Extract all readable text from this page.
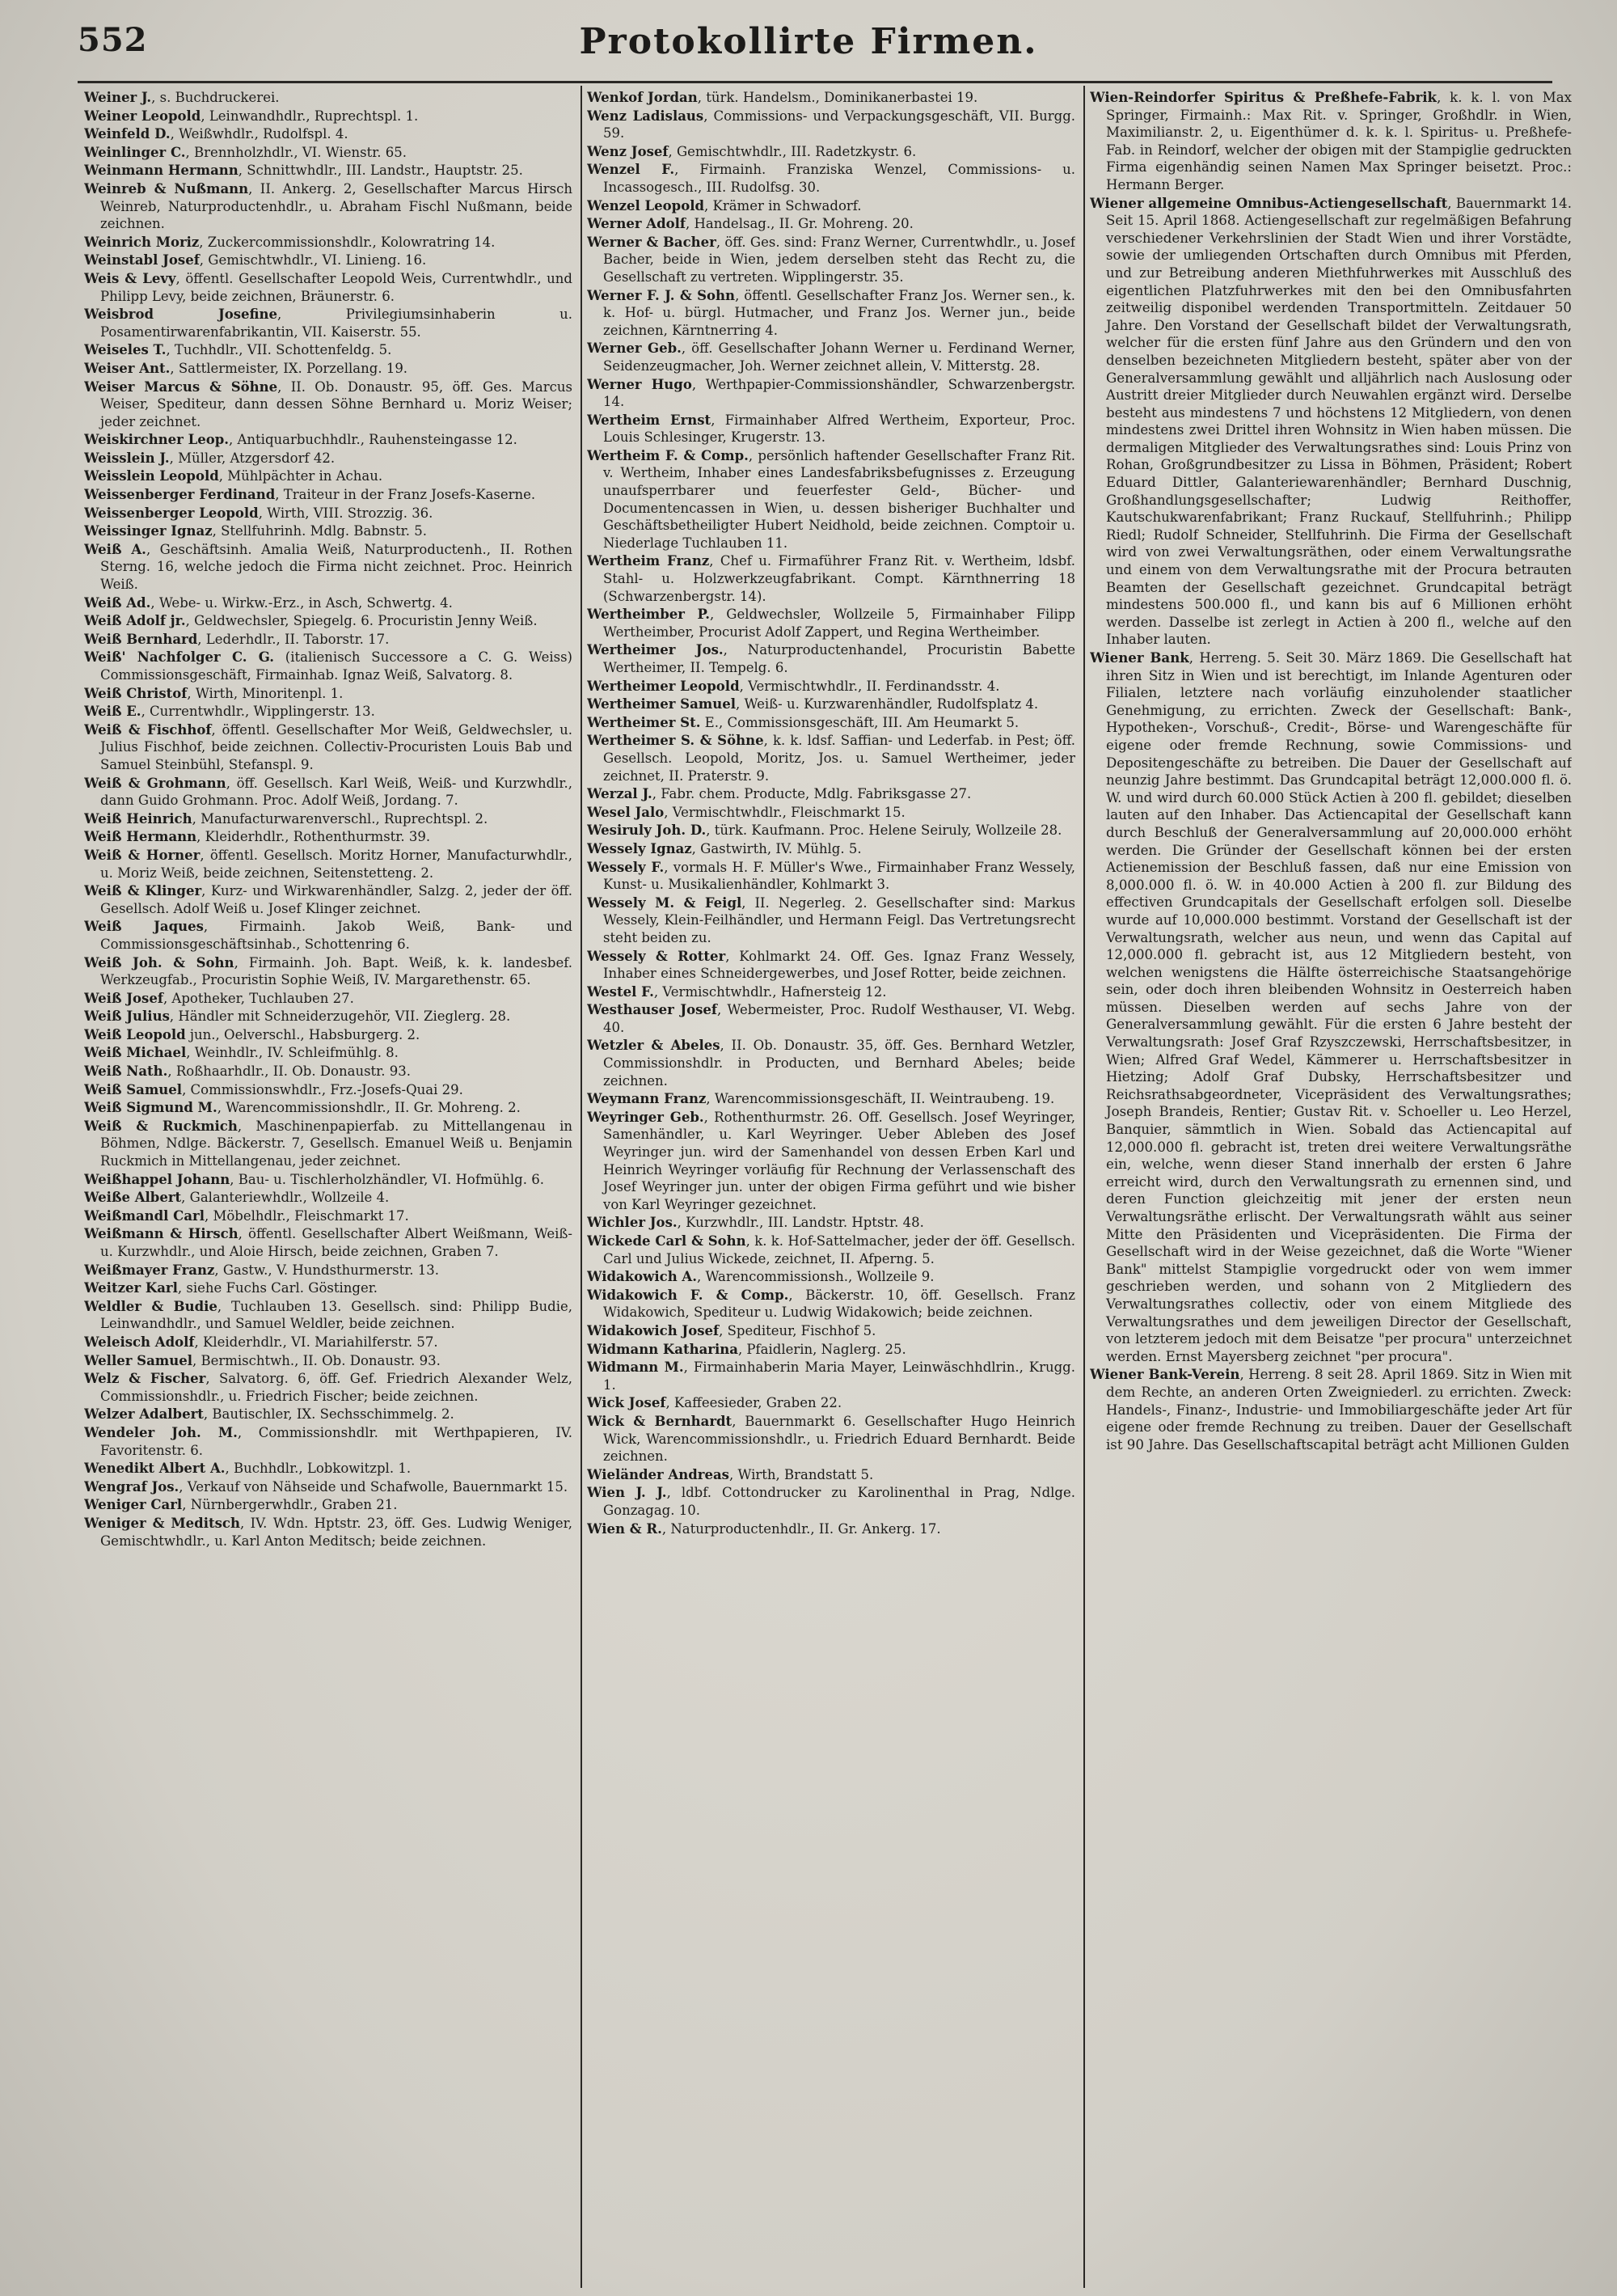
552	Protokollirte Firmen.

Weiner J., s. Buchdruckerei.

Weiner Leopold, Leinwandhdlr., Ruprechtspl. 1.

Weinfeld D., Weißwhdlr., Rudolfspl. 4.

Weinlinger C., Brennholzhdlr., VI. Wienstr. 65.

Weinmann Hermann, Schnittwhdlr., III. Landstr., Hauptstr. 25.

Weinreb & Nußmann, II. Ankerg. 2, Gesellschafter Marcus Hirsch Weinreb, Naturproductenhdlr., u. Abraham Fischl Nußmann, beide zeichnen.

Weinrich Moriz, Zuckercommissionshdlr., Kolowratring 14.

Weinstabl Josef, Gemischtwhdlr., VI. Linieng. 16.

Weis & Levy, öffentl. Gesellschafter Leopold Weis, Currentwhdlr., und Philipp Levy, beide zeichnen, Bräunerstr. 6.

Weisbrod Josefine, Privilegiumsinhaberin u. Posamentirwarenfabrikantin, VII. Kaiserstr. 55.

Weiseles T., Tuchhdlr., VII. Schottenfeldg. 5.

Weiser Ant., Sattlermeister, IX. Porzellang. 19.

Weiser Marcus & Söhne, II. Ob. Donaustr. 95, öff. Ges. Marcus Weiser, Spediteur, dann dessen Söhne Bernhard u. Moriz Weiser; jeder zeichnet.

Weiskirchner Leop., Antiquarbuchhdlr., Rauhensteingasse 12.

Weisslein J., Müller, Atzgersdorf 42.

Weisslein Leopold, Mühlpächter in Achau.

Weissenberger Ferdinand, Traiteur in der Franz Josefs-Kaserne.

Weissenberger Leopold, Wirth, VIII. Strozzig. 36.

Weissinger Ignaz, Stellfuhrinh. Mdlg. Babnstr. 5.

Weiß A., Geschäftsinh. Amalia Weiß, Naturproductenh., II. Rothen Sterng. 16, welche jedoch die Firma nicht zeichnet. Proc. Heinrich Weiß.

Weiß Ad., Webe- u. Wirkw.-Erz., in Asch, Schwertg. 4.

Weiß Adolf jr., Geldwechsler, Spiegelg. 6. Procuristin Jenny Weiß.

Weiß Bernhard, Lederhdlr., II. Taborstr. 17.

Weiß' Nachfolger C. G. (italienisch Successore a C. G. Weiss) Commissionsgeschäft, Firmainhab. Ignaz Weiß, Salvatorg. 8.

Weiß Christof, Wirth, Minoritenpl. 1.

Weiß E., Currentwhdlr., Wipplingerstr. 13.

Weiß & Fischhof, öffentl. Gesellschafter Mor Weiß, Geldwechsler, u. Julius Fischhof, beide zeichnen. Collectiv-Procuristen Louis Bab und Samuel Steinbühl, Stefanspl. 9.

Weiß & Grohmann, öff. Gesellsch. Karl Weiß, Weiß- und Kurzwhdlr., dann Guido Grohmann. Proc. Adolf Weiß, Jordang. 7.

Weiß Heinrich, Manufacturwarenverschl., Ruprechtspl. 2.

Weiß Hermann, Kleiderhdlr., Rothenthurmstr. 39.

Weiß & Horner, öffentl. Gesellsch. Moritz Horner, Manufacturwhdlr., u. Moriz Weiß, beide zeichnen, Seitenstetteng. 2.

Weiß & Klinger, Kurz- und Wirkwarenhändler, Salzg. 2, jeder der öff. Gesellsch. Adolf Weiß u. Josef Klinger zeichnet.

Weiß Jaques, Firmainh. Jakob Weiß, Bank- und Commissionsgeschäftsinhab., Schottenring 6.

Weiß Joh. & Sohn, Firmainh. Joh. Bapt. Weiß, k. k. landesbef. Werkzeugfab., Procuristin Sophie Weiß, IV. Margarethenstr. 65.

Weiß Josef, Apotheker, Tuchlauben 27.

Weiß Julius, Händler mit Schneiderzugehör, VII. Zieglerg. 28.

Weiß Leopold jun., Oelverschl., Habsburgerg. 2.

Weiß Michael, Weinhdlr., IV. Schleifmühlg. 8.

Weiß Nath., Roßhaarhdlr., II. Ob. Donaustr. 93.

Weiß Samuel, Commissionswhdlr., Frz.-Josefs-Quai 29.

Weiß Sigmund M., Warencommissionshdlr., II. Gr. Mohreng. 2.

Weiß & Ruckmich, Maschinenpapierfab. zu Mittellangenau in Böhmen, Ndlge. Bäckerstr. 7, Gesellsch. Emanuel Weiß u. Benjamin Ruckmich in Mittellangenau, jeder zeichnet.

Weißhappel Johann, Bau- u. Tischlerholzhändler, VI. Hofmühlg. 6.

Weiße Albert, Galanteriewhdlr., Wollzeile 4.

Weißmandl Carl, Möbelhdlr., Fleischmarkt 17.

Weißmann & Hirsch, öffentl. Gesellschafter Albert Weißmann, Weiß- u. Kurzwhdlr., und Aloie Hirsch, beide zeichnen, Graben 7.

Weißmayer Franz, Gastw., V. Hundsthurmerstr. 13.

Weitzer Karl, siehe Fuchs Carl. Göstinger.

Weldler & Budie, Tuchlauben 13. Gesellsch. sind: Philipp Budie, Leinwandhdlr., und Samuel Weldler, beide zeichnen.

Weleisch Adolf, Kleiderhdlr., VI. Mariahilferstr. 57.

Weller Samuel, Bermischtwh., II. Ob. Donaustr. 93.

Welz & Fischer, Salvatorg. 6, öff. Gef. Friedrich Alexander Welz, Commissionshdlr., u. Friedrich Fischer; beide zeichnen.

Welzer Adalbert, Bautischler, IX. Sechsschimmelg. 2.

Wendeler Joh. M., Commissionshdlr. mit Werthpapieren, IV. Favoritenstr. 6.

Wenedikt Albert A., Buchhdlr., Lobkowitzpl. 1.

Wengraf Jos., Verkauf von Nähseide und Schafwolle, Bauernmarkt 15.

Weniger Carl, Nürnbergerwhdlr., Graben 21.

Weniger & Meditsch, IV. Wdn. Hptstr. 23, öff. Ges. Ludwig Weniger, Gemischtwhdlr., u. Karl Anton Meditsch; beide zeichnen.

Wenkof Jordan, türk. Handelsm., Dominikanerbastei 19.

Wenz Ladislaus, Commissions- und Verpackungsgeschäft, VII. Burgg. 59.

Wenz Josef, Gemischtwhdlr., III. Radetzkystr. 6.

Wenzel F., Firmainh. Franziska Wenzel, Commissions- u. Incassogesch., III. Rudolfsg. 30.

Wenzel Leopold, Krämer in Schwadorf.

Werner Adolf, Handelsag., II. Gr. Mohreng. 20.

Werner & Bacher, öff. Ges. sind: Franz Werner, Currentwhdlr., u. Josef Bacher, beide in Wien, jedem derselben steht das Recht zu, die Gesellschaft zu vertreten. Wipplingerstr. 35.

Werner F. J. & Sohn, öffentl. Gesellschafter Franz Jos. Werner sen., k. k. Hof- u. bürgl. Hutmacher, und Franz Jos. Werner jun., beide zeichnen, Kärntnerring 4.

Werner Geb., öff. Gesellschafter Johann Werner u. Ferdinand Werner, Seidenzeugmacher, Joh. Werner zeichnet allein, V. Mitterstg. 28.

Werner Hugo, Werthpapier-Commissionshändler, Schwarzenbergstr. 14.

Wertheim Ernst, Firmainhaber Alfred Wertheim, Exporteur, Proc. Louis Schlesinger, Krugerstr. 13.

Wertheim F. & Comp., persönlich haftender Gesellschafter Franz Rit. v. Wertheim, Inhaber eines Landesfabriksbefugnisses z. Erzeugung unaufsperrbarer und feuerfester Geld-, Bücher- und Documentencassen in Wien, u. dessen bisheriger Buchhalter und Geschäftsbetheiligter Hubert Neidhold, beide zeichnen. Comptoir u. Niederlage Tuchlauben 11.

Wertheim Franz, Chef u. Firmaführer Franz Rit. v. Wertheim, ldsbf. Stahl- u. Holzwerkzeugfabrikant. Compt. Kärnthnerring 18 (Schwarzenbergstr. 14).

Wertheimber P., Geldwechsler, Wollzeile 5, Firmainhaber Filipp Wertheimber, Procurist Adolf Zappert, und Regina Wertheimber.

Wertheimer Jos., Naturproductenhandel, Procuristin Babette Wertheimer, II. Tempelg. 6.

Wertheimer Leopold, Vermischtwhdlr., II. Ferdinandsstr. 4.

Wertheimer Samuel, Weiß- u. Kurzwarenhändler, Rudolfsplatz 4.

Wertheimer St. E., Commissionsgeschäft, III. Am Heumarkt 5.

Wertheimer S. & Söhne, k. k. ldsf. Saffian- und Lederfab. in Pest; öff. Gesellsch. Leopold, Moritz, Jos. u. Samuel Wertheimer, jeder zeichnet, II. Praterstr. 9.

Werzal J., Fabr. chem. Producte, Mdlg. Fabriksgasse 27.

Wesel Jalo, Vermischtwhdlr., Fleischmarkt 15.

Wesiruly Joh. D., türk. Kaufmann. Proc. Helene Seiruly, Wollzeile 28.

Wessely Ignaz, Gastwirth, IV. Mühlg. 5.

Wessely F., vormals H. F. Müller's Wwe., Firmainhaber Franz Wessely, Kunst- u. Musikalienhändler, Kohlmarkt 3.

Wessely M. & Feigl, II. Negerleg. 2. Gesellschafter sind: Markus Wessely, Klein-Feilhändler, und Hermann Feigl. Das Vertretungsrecht steht beiden zu.

Wessely & Rotter, Kohlmarkt 24. Off. Ges. Ignaz Franz Wessely, Inhaber eines Schneidergewerbes, und Josef Rotter, beide zeichnen.

Westel F., Vermischtwhdlr., Hafnersteig 12.

Westhauser Josef, Webermeister, Proc. Rudolf Westhauser, VI. Webg. 40.

Wetzler & Abeles, II. Ob. Donaustr. 35, öff. Ges. Bernhard Wetzler, Commissionshdlr. in Producten, und Bernhard Abeles; beide zeichnen.

Weymann Franz, Warencommissionsgeschäft, II. Weintraubeng. 19.

Weyringer Geb., Rothenthurmstr. 26. Off. Gesellsch. Josef Weyringer, Samenhändler, u. Karl Weyringer. Ueber Ableben des Josef Weyringer jun. wird der Samenhandel von dessen Erben Karl und Heinrich Weyringer vorläufig für Rechnung der Verlassenschaft des Josef Weyringer jun. unter der obigen Firma geführt und wie bisher von Karl Weyringer gezeichnet.

Wichler Jos., Kurzwhdlr., III. Landstr. Hptstr. 48.

Wickede Carl & Sohn, k. k. Hof-Sattelmacher, jeder der öff. Gesellsch. Carl und Julius Wickede, zeichnet, II. Afperng. 5.

Widakowich A., Warencommissionsh., Wollzeile 9.

Widakowich F. & Comp., Bäckerstr. 10, öff. Gesellsch. Franz Widakowich, Spediteur u. Ludwig Widakowich; beide zeichnen.

Widakowich Josef, Spediteur, Fischhof 5.

Widmann Katharina, Pfaidlerin, Naglerg. 25.

Widmann M., Firmainhaberin Maria Mayer, Leinwäschhdlrin., Krugg. 1.

Wick Josef, Kaffeesieder, Graben 22.

Wick & Bernhardt, Bauernmarkt 6. Gesellschafter Hugo Heinrich Wick, Warencommissionshdlr., u. Friedrich Eduard Bernhardt. Beide zeichnen.

Wieländer Andreas, Wirth, Brandstatt 5.

Wien J. J., ldbf. Cottondrucker zu Karolinenthal in Prag, Ndlge. Gonzagag. 10.

Wien & R., Naturproductenhdlr., II. Gr. Ankerg. 17.

Wien-Reindorfer Spiritus & Preßhefe-Fabrik, k. k. l. von Max Springer, Firmainh.: Max Rit. v. Springer, Großhdlr. in Wien, Maximilianstr. 2, u. Eigenthümer d. k. k. l. Spiritus- u. Preßhefe-Fab. in Reindorf, welcher der obigen mit der Stampiglie gedruckten Firma eigenhändig seinen Namen Max Springer beisetzt. Proc.: Hermann Berger.

Wiener allgemeine Omnibus-Actiengesellschaft, Bauernmarkt 14. Seit 15. April 1868. Actiengesellschaft zur regelmäßigen Befahrung verschiedener Verkehrslinien der Stadt Wien und ihrer Vorstädte, sowie der umliegenden Ortschaften durch Omnibus mit Pferden, und zur Betreibung anderen Miethfuhrwerkes mit Ausschluß des eigentlichen Platzfuhrwerkes mit den bei den Omnibusfahrten zeitweilig disponibel werdenden Transportmitteln. Zeitdauer 50 Jahre. Den Vorstand der Gesellschaft bildet der Verwaltungsrath, welcher für die ersten fünf Jahre aus den Gründern und den von denselben bezeichneten Mitgliedern besteht, später aber von der Generalversammlung gewählt und alljährlich nach Auslosung oder Austritt dreier Mitglieder durch Neuwahlen ergänzt wird. Derselbe besteht aus mindestens 7 und höchstens 12 Mitgliedern, von denen mindestens zwei Drittel ihren Wohnsitz in Wien haben müssen. Die dermaligen Mitglieder des Verwaltungsrathes sind: Louis Prinz von Rohan, Großgrundbesitzer zu Lissa in Böhmen, Präsident; Robert Eduard Dittler, Galanteriewarenhändler; Bernhard Duschnig, Großhandlungsgesellschafter; Ludwig Reithoffer, Kautschukwarenfabrikant; Franz Ruckauf, Stellfuhrinh.; Philipp Riedl; Rudolf Schneider, Stellfuhrinh. Die Firma der Gesellschaft wird von zwei Verwaltungsräthen, oder einem Verwaltungsrathe und einem von dem Verwaltungsrathe mit der Procura betrauten Beamten der Gesellschaft gezeichnet. Grundcapital beträgt mindestens 500.000 fl., und kann bis auf 6 Millionen erhöht werden. Dasselbe ist zerlegt in Actien à 200 fl., welche auf den Inhaber lauten.

Wiener Bank, Herreng. 5. Seit 30. März 1869. Die Gesellschaft hat ihren Sitz in Wien und ist berechtigt, im Inlande Agenturen oder Filialen, letztere nach vorläufig einzuholender staatlicher Genehmigung, zu errichten. Zweck der Gesellschaft: Bank-, Hypotheken-, Vorschuß-, Credit-, Börse- und Warengeschäfte für eigene oder fremde Rechnung, sowie Commissions- und Depositengeschäfte zu betreiben. Die Dauer der Gesellschaft auf neunzig Jahre bestimmt. Das Grundcapital beträgt 12,000.000 fl. ö. W. und wird durch 60.000 Stück Actien à 200 fl. gebildet; dieselben lauten auf den Inhaber. Das Actiencapital der Gesellschaft kann durch Beschluß der Generalversammlung auf 20,000.000 erhöht werden. Die Gründer der Gesellschaft können bei der ersten Actienemission der Beschluß fassen, daß nur eine Emission von 8,000.000 fl. ö. W. in 40.000 Actien à 200 fl. zur Bildung des effectiven Grundcapitals der Gesellschaft erfolgen soll. Dieselbe wurde auf 10,000.000 bestimmt. Vorstand der Gesellschaft ist der Verwaltungsrath, welcher aus neun, und wenn das Capital auf 12,000.000 fl. gebracht ist, aus 12 Mitgliedern besteht, von welchen wenigstens die Hälfte österreichische Staatsangehörige sein, oder doch ihren bleibenden Wohnsitz in Oesterreich haben müssen. Dieselben werden auf sechs Jahre von der Generalversammlung gewählt. Für die ersten 6 Jahre besteht der Verwaltungsrath: Josef Graf Rzyszczewski, Herrschaftsbesitzer, in Wien; Alfred Graf Wedel, Kämmerer u. Herrschaftsbesitzer in Hietzing; Adolf Graf Dubsky, Herrschaftsbesitzer und Reichsrathsabgeordneter, Vicepräsident des Verwaltungsrathes; Joseph Brandeis, Rentier; Gustav Rit. v. Schoeller u. Leo Herzel, Banquier, sämmtlich in Wien. Sobald das Actiencapital auf 12,000.000 fl. gebracht ist, treten drei weitere Verwaltungsräthe ein, welche, wenn dieser Stand innerhalb der ersten 6 Jahre erreicht wird, durch den Verwaltungsrath zu ernennen sind, und deren Function gleichzeitig mit jener der ersten neun Verwaltungsräthe erlischt. Der Verwaltungsrath wählt aus seiner Mitte den Präsidenten und Vicepräsidenten. Die Firma der Gesellschaft wird in der Weise gezeichnet, daß die Worte "Wiener Bank" mittelst Stampiglie vorgedruckt oder von wem immer geschrieben werden, und sohann von 2 Mitgliedern des Verwaltungsrathes collectiv, oder von einem Mitgliede des Verwaltungsrathes und dem jeweiligen Director der Gesellschaft, von letzterem jedoch mit dem Beisatze "per procura" unterzeichnet werden. Ernst Mayersberg zeichnet "per procura".

Wiener Bank-Verein, Herreng. 8 seit 28. April 1869. Sitz in Wien mit dem Rechte, an anderen Orten Zweigniederl. zu errichten. Zweck: Handels-, Finanz-, Industrie- und Immobiliargeschäfte jeder Art für eigene oder fremde Rechnung zu treiben. Dauer der Gesellschaft ist 90 Jahre. Das Gesellschaftscapital beträgt acht Millionen Gulden
